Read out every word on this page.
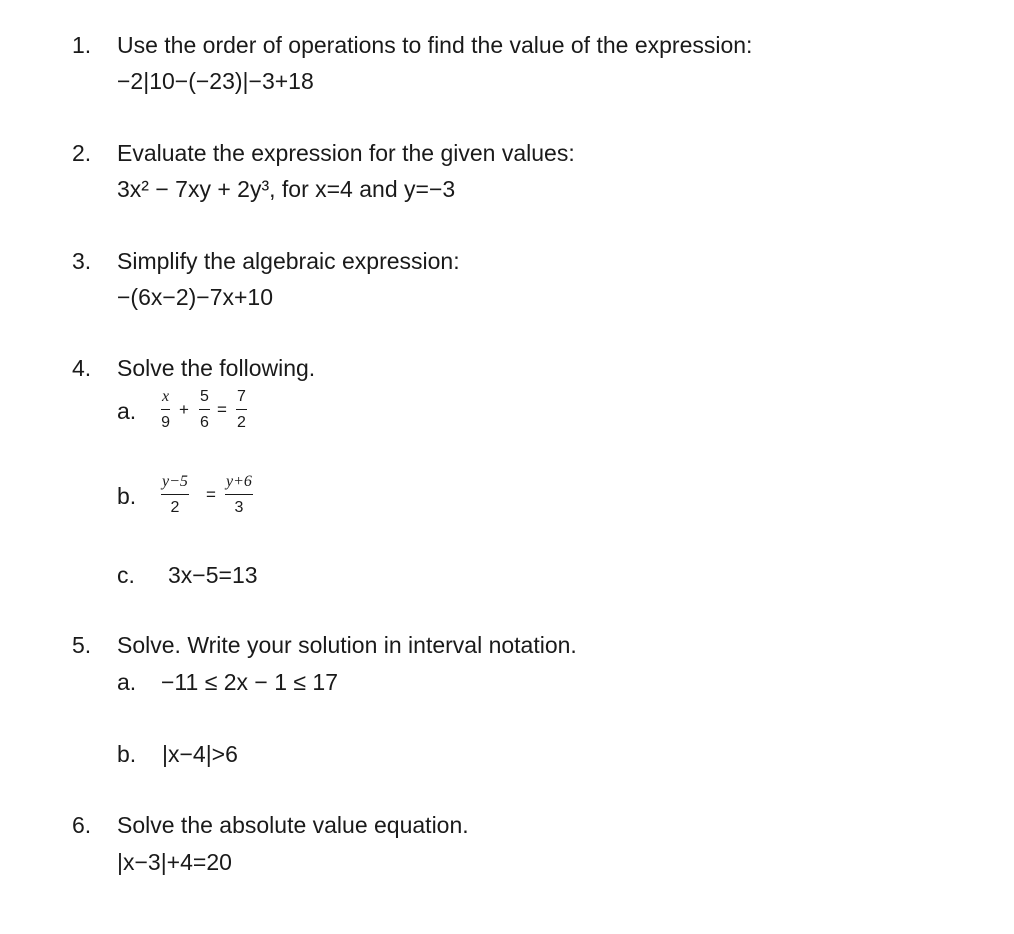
1. Use the order of operations to find the value of the expression:
−2|10−(−23)|−3+18
2. Evaluate the expression for the given values:
3x² − 7xy + 2y³, for x=4 and y=−3
3. Simplify the algebraic expression:
−(6x−2)−7x+10
4. Solve the following.
a.
x
9
+
5
6
=
7
2
b.
y−5
2
=
y+6
3
c. 3x−5=13
5. Solve. Write your solution in interval notation.
a. −11 ≤ 2x − 1 ≤ 17
b. |x−4|>6
6. Solve the absolute value equation.
|x−3|+4=20
